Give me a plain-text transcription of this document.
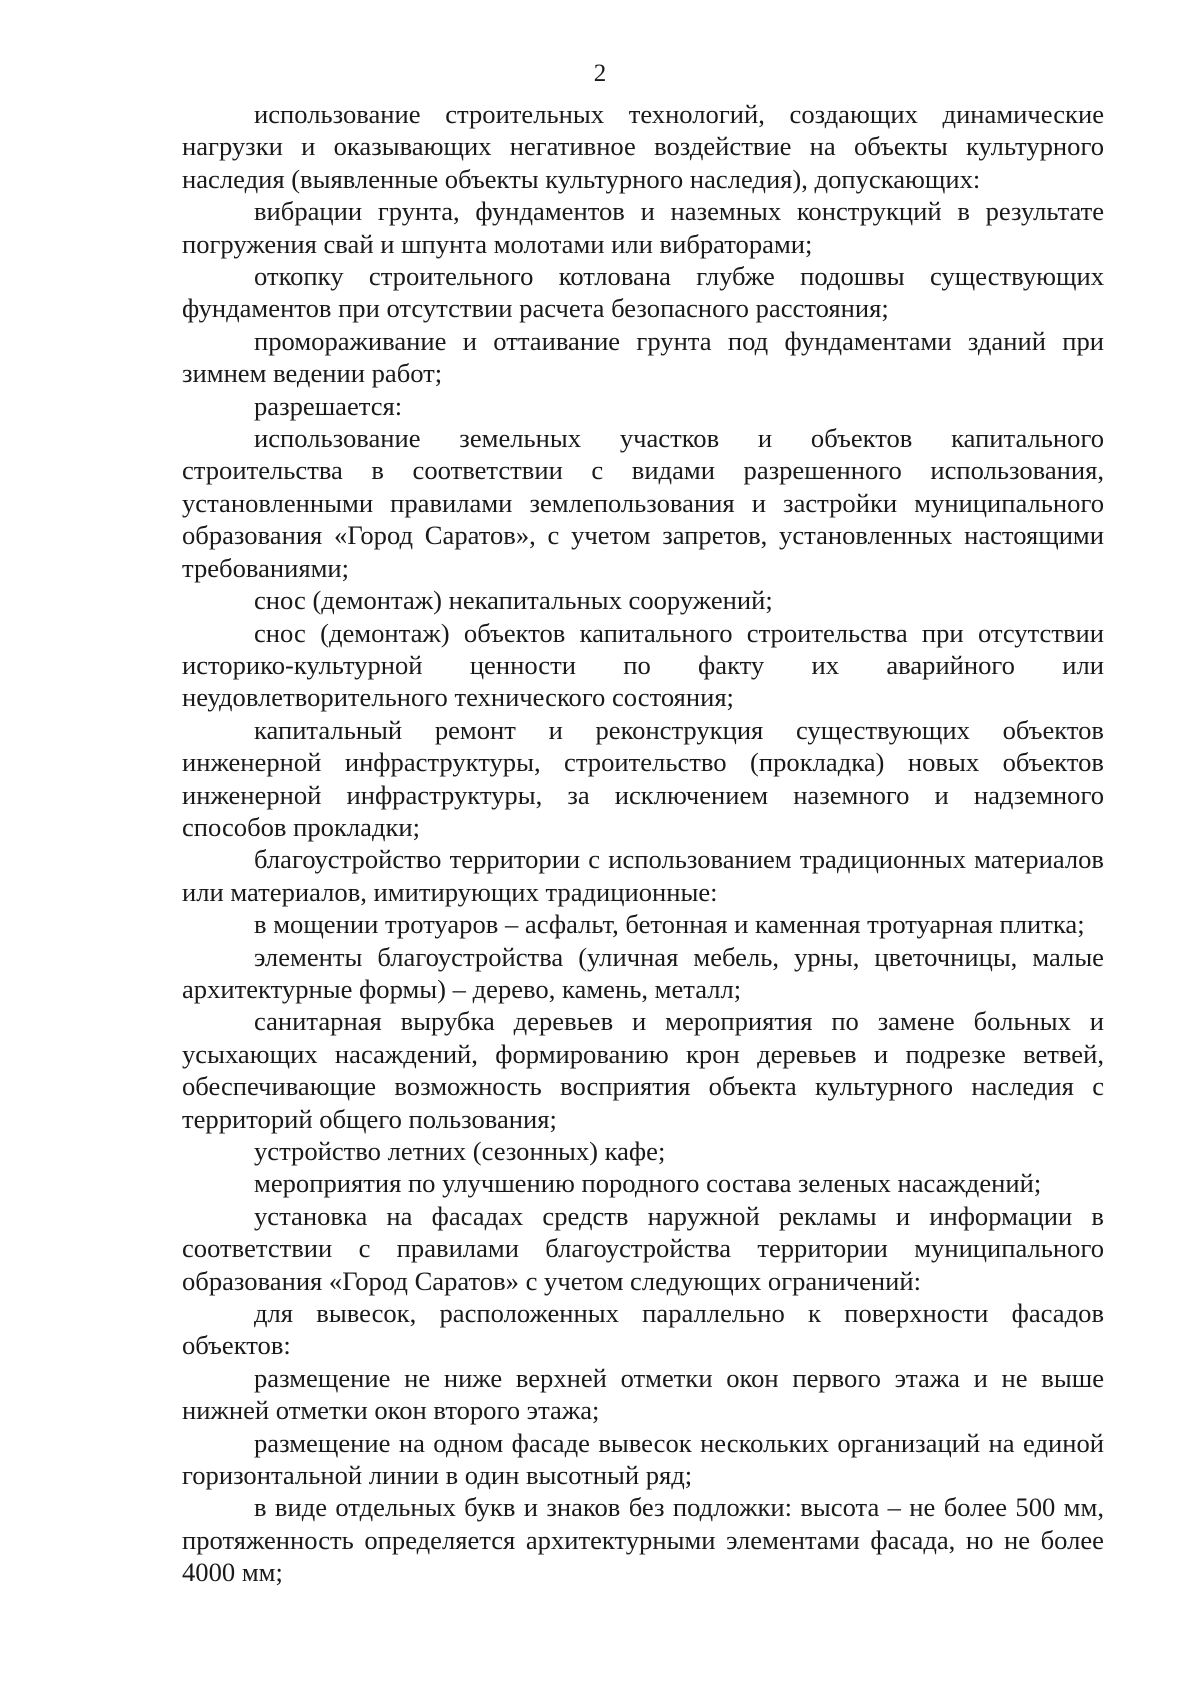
2

использование строительных технологий, создающих динамические нагрузки и оказывающих негативное воздействие на объекты культурного наследия (выявленные объекты культурного наследия), допускающих:

вибрации грунта, фундаментов и наземных конструкций в результате погружения свай и шпунта молотами или вибраторами;

откопку строительного котлована глубже подошвы существующих фундаментов при отсутствии расчета безопасного расстояния;

промораживание и оттаивание грунта под фундаментами зданий при зимнем ведении работ;

разрешается:

использование земельных участков и объектов капитального строительства в соответствии с видами разрешенного использования, установленными правилами землепользования и застройки муниципального образования «Город Саратов», с учетом запретов, установленных настоящими требованиями;

снос (демонтаж) некапитальных сооружений;

снос (демонтаж) объектов капитального строительства при отсутствии историко-культурной ценности по факту их аварийного или неудовлетворительного технического состояния;

капитальный ремонт и реконструкция существующих объектов инженерной инфраструктуры, строительство (прокладка) новых объектов инженерной инфраструктуры, за исключением наземного и надземного способов прокладки;

благоустройство территории с использованием традиционных материалов или материалов, имитирующих традиционные:

в мощении тротуаров – асфальт, бетонная и каменная тротуарная плитка;

элементы благоустройства (уличная мебель, урны, цветочницы, малые архитектурные формы) – дерево, камень, металл;

санитарная вырубка деревьев и мероприятия по замене больных и усыхающих насаждений, формированию крон деревьев и подрезке ветвей, обеспечивающие возможность восприятия объекта культурного наследия с территорий общего пользования;

устройство летних (сезонных) кафе;

мероприятия по улучшению породного состава зеленых насаждений;

установка на фасадах средств наружной рекламы и информации в соответствии с правилами благоустройства территории муниципального образования «Город Саратов» с учетом следующих ограничений:

для вывесок, расположенных параллельно к поверхности фасадов объектов:

размещение не ниже верхней отметки окон первого этажа и не выше нижней отметки окон второго этажа;

размещение на одном фасаде вывесок нескольких организаций на единой горизонтальной линии в один высотный ряд;

в виде отдельных букв и знаков без подложки: высота – не более 500 мм, протяженность определяется архитектурными элементами фасада, но не более 4000 мм;
